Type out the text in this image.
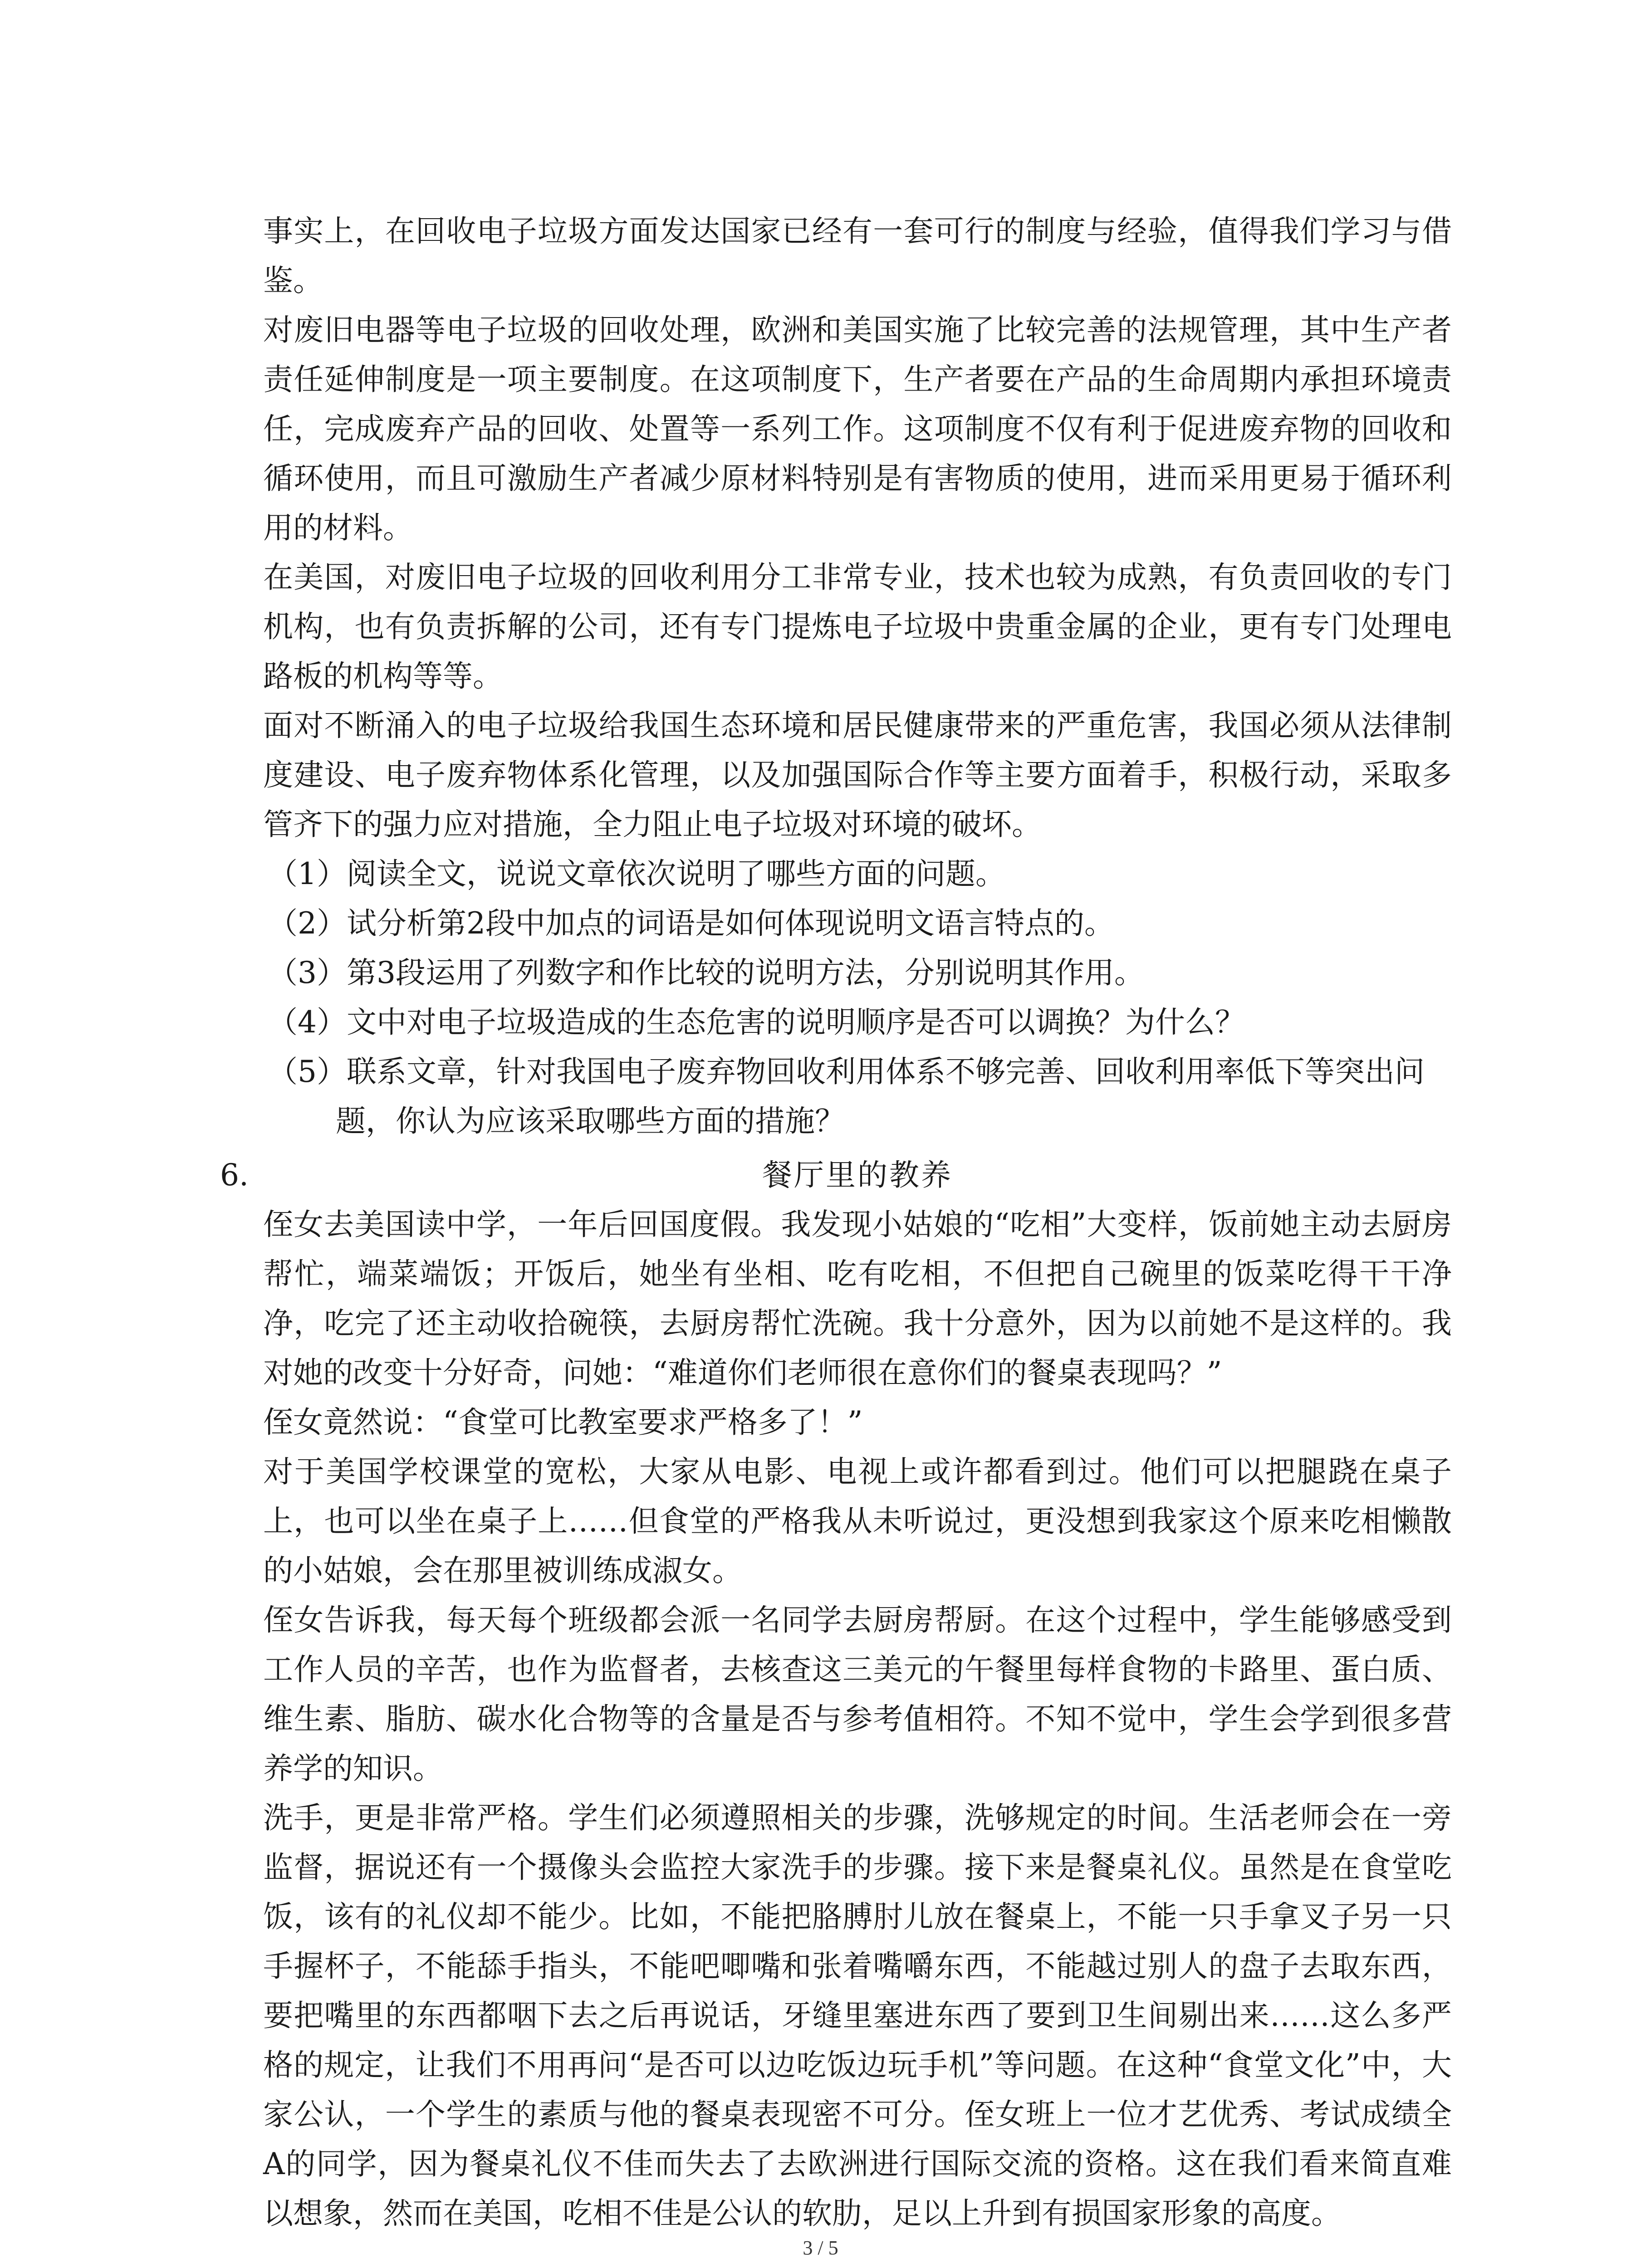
事实上，在回收电子垃圾方面发达国家已经有一套可行的制度与经验，值得我们学习与借鉴。

对废旧电器等电子垃圾的回收处理，欧洲和美国实施了比较完善的法规管理，其中生产者责任延伸制度是一项主要制度。在这项制度下，生产者要在产品的生命周期内承担环境责任，完成废弃产品的回收、处置等一系列工作。这项制度不仅有利于促进废弃物的回收和循环使用，而且可激励生产者减少原材料特别是有害物质的使用，进而采用更易于循环利用的材料。

在美国，对废旧电子垃圾的回收利用分工非常专业，技术也较为成熟，有负责回收的专门机构，也有负责拆解的公司，还有专门提炼电子垃圾中贵重金属的企业，更有专门处理电路板的机构等等。

面对不断涌入的电子垃圾给我国生态环境和居民健康带来的严重危害，我国必须从法律制度建设、电子废弃物体系化管理，以及加强国际合作等主要方面着手，积极行动，采取多管齐下的强力应对措施，全力阻止电子垃圾对环境的破坏。

（1）阅读全文，说说文章依次说明了哪些方面的问题。

（2）试分析第2段中加点的词语是如何体现说明文语言特点的。

（3）第3段运用了列数字和作比较的说明方法，分别说明其作用。

（4）文中对电子垃圾造成的生态危害的说明顺序是否可以调换？为什么？

（5）联系文章，针对我国电子废弃物回收利用体系不够完善、回收利用率低下等突出问

题，你认为应该采取哪些方面的措施？

6.	餐厅里的教养

侄女去美国读中学，一年后回国度假。我发现小姑娘的“吃相”大变样，饭前她主动去厨房帮忙，端菜端饭；开饭后，她坐有坐相、吃有吃相，不但把自己碗里的饭菜吃得干干净净，吃完了还主动收拾碗筷，去厨房帮忙洗碗。我十分意外，因为以前她不是这样的。我对她的改变十分好奇，问她：“难道你们老师很在意你们的餐桌表现吗？”

侄女竟然说：“食堂可比教室要求严格多了！”

对于美国学校课堂的宽松，大家从电影、电视上或许都看到过。他们可以把腿跷在桌子上，也可以坐在桌子上……但食堂的严格我从未听说过，更没想到我家这个原来吃相懒散的小姑娘，会在那里被训练成淑女。

侄女告诉我，每天每个班级都会派一名同学去厨房帮厨。在这个过程中，学生能够感受到工作人员的辛苦，也作为监督者，去核查这三美元的午餐里每样食物的卡路里、蛋白质、维生素、脂肪、碳水化合物等的含量是否与参考值相符。不知不觉中，学生会学到很多营养学的知识。

洗手，更是非常严格。学生们必须遵照相关的步骤，洗够规定的时间。生活老师会在一旁监督，据说还有一个摄像头会监控大家洗手的步骤。接下来是餐桌礼仪。虽然是在食堂吃饭，该有的礼仪却不能少。比如，不能把胳膊肘儿放在餐桌上，不能一只手拿叉子另一只手握杯子，不能舔手指头，不能吧唧嘴和张着嘴嚼东西，不能越过别人的盘子去取东西，要把嘴里的东西都咽下去之后再说话，牙缝里塞进东西了要到卫生间剔出来……这么多严格的规定，让我们不用再问“是否可以边吃饭边玩手机”等问题。在这种“食堂文化”中，大家公认，一个学生的素质与他的餐桌表现密不可分。侄女班上一位才艺优秀、考试成绩全A的同学，因为餐桌礼仪不佳而失去了去欧洲进行国际交流的资格。这在我们看来简直难以想象，然而在美国，吃相不佳是公认的软肋，足以上升到有损国家形象的高度。

3 / 5
